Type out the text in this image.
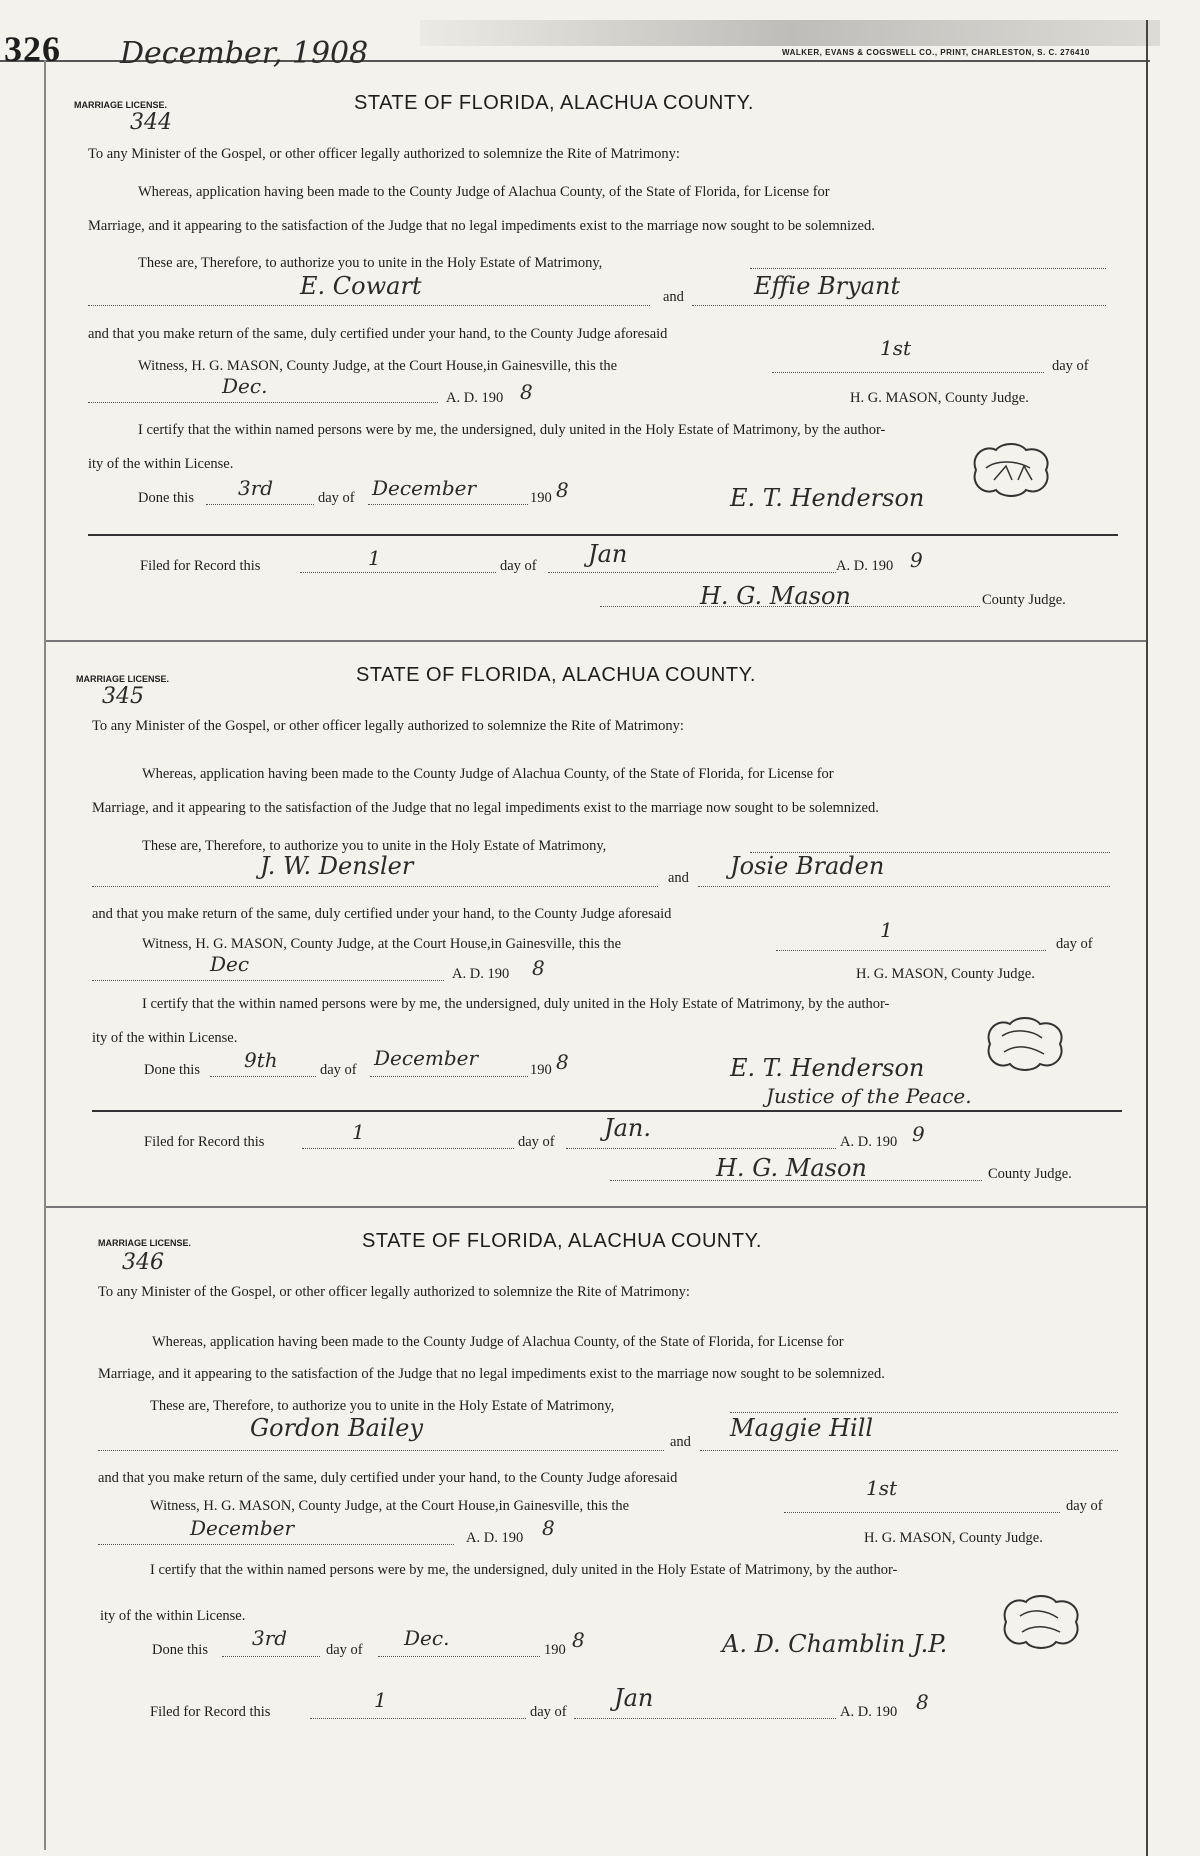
326 December, 1908	WALKER, EVANS & COGSWELL CO., PRINT, CHARLESTON, S. C. 276410
MARRIAGE LICENSE.
344
STATE OF FLORIDA, ALACHUA COUNTY.
To any Minister of the Gospel, or other officer legally authorized to solemnize the Rite of Matrimony:
Whereas, application having been made to the County Judge of Alachua County, of the State of Florida, for License for
Marriage, and it appearing to the satisfaction of the Judge that no legal impediments exist to the marriage now sought to be solemnized.
These are, Therefore, to authorize you to unite in the Holy Estate of Matrimony,
E. Cowart	and	Effie Bryant
and that you make return of the same, duly certified under your hand, to the County Judge aforesaid
Witness, H. G. MASON, County Judge, at the Court House,in Gainesville, this the
1st
day of
Dec.	A. D. 190 8	H. G. MASON, County Judge.
I certify that the within named persons were by me, the undersigned, duly united in the Holy Estate of Matrimony, by the author-
ity of the within License.
Done this 3rd	day of December	190 8	E. T. Henderson
Filed for Record this	1	day of Jan	A. D. 190 9
H. G. Mason	County Judge.
MARRIAGE LICENSE.
345
STATE OF FLORIDA, ALACHUA COUNTY.
To any Minister of the Gospel, or other officer legally authorized to solemnize the Rite of Matrimony:
Whereas, application having been made to the County Judge of Alachua County, of the State of Florida, for License for
Marriage, and it appearing to the satisfaction of the Judge that no legal impediments exist to the marriage now sought to be solemnized.
These are, Therefore, to authorize you to unite in the Holy Estate of Matrimony,
J. W. Densler	and Josie Braden
and that you make return of the same, duly certified under your hand, to the County Judge aforesaid
Witness, H. G. MASON, County Judge, at the Court House,in Gainesville, this the
1
day of
Dec	A. D. 190 8	H. G. MASON, County Judge.
I certify that the within named persons were by me, the undersigned, duly united in the Holy Estate of Matrimony, by the author-
ity of the within License.
Done this 9th	day of December	190 8	E. T. Henderson
Justice of the Peace.
Filed for Record this	1	day of Jan.	A. D. 190 9
H. G. Mason	County Judge.
MARRIAGE LICENSE.
346
STATE OF FLORIDA, ALACHUA COUNTY.
To any Minister of the Gospel, or other officer legally authorized to solemnize the Rite of Matrimony:
Whereas, application having been made to the County Judge of Alachua County, of the State of Florida, for License for
Marriage, and it appearing to the satisfaction of the Judge that no legal impediments exist to the marriage now sought to be solemnized.
These are, Therefore, to authorize you to unite in the Holy Estate of Matrimony,
Gordon Bailey	and Maggie Hill
and that you make return of the same, duly certified under your hand, to the County Judge aforesaid
Witness, H. G. MASON, County Judge, at the Court House,in Gainesville, this the
1st
day of
December	A. D. 190 8	H. G. MASON, County Judge.
I certify that the within named persons were by me, the undersigned, duly united in the Holy Estate of Matrimony, by the author-
ity of the within License.
Done this 3rd	day of Dec.	190 8	A. D. Chamblin J.P.
Filed for Record this	1	day of Jan	A. D. 190 8
